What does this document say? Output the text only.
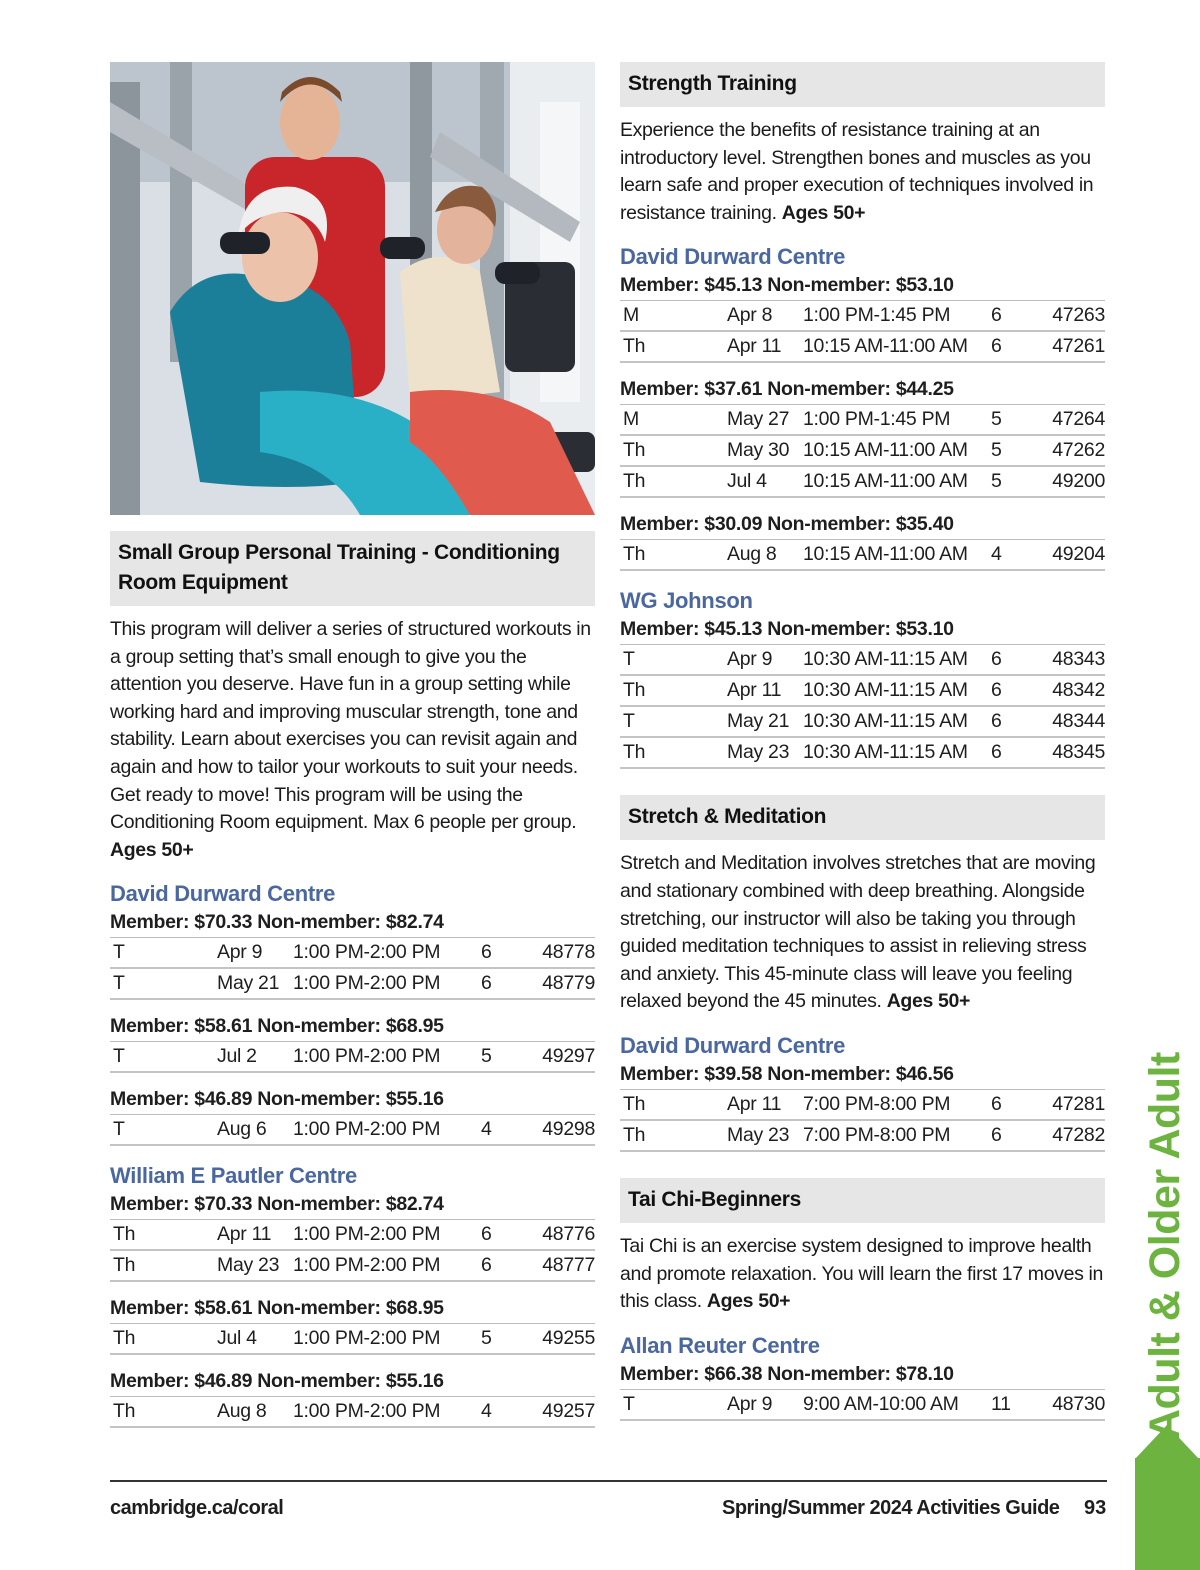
Small Group Personal Training - Conditioning Room Equipment

This program will deliver a series of structured workouts in a group setting that’s small enough to give you the attention you deserve. Have fun in a group setting while working hard and improving muscular strength, tone and stability. Learn about exercises you can revisit again and again and how to tailor your workouts to suit your needs. Get ready to move! This program will be using the Conditioning Room equipment. Max 6 people per group. Ages 50+

David Durward Centre
Member: $70.33 Non-member: $82.74
T	Apr 9	1:00 PM-2:00 PM	6	48778
T	May 21 1:00 PM-2:00 PM	6	48779
Member: $58.61 Non-member: $68.95
T	Jul 2	1:00 PM-2:00 PM	5	49297
Member: $46.89 Non-member: $55.16
T	Aug 6	1:00 PM-2:00 PM	4	49298
William E Pautler Centre
Member: $70.33 Non-member: $82.74
Th	Apr 11	1:00 PM-2:00 PM	6	48776
Th	May 23 1:00 PM-2:00 PM	6	48777
Member: $58.61 Non-member: $68.95
Th	Jul 4	1:00 PM-2:00 PM	5	49255
Member: $46.89 Non-member: $55.16
Th	Aug 8	1:00 PM-2:00 PM	4	49257
Strength Training

Experience the benefits of resistance training at an introductory level. Strengthen bones and muscles as you learn safe and proper execution of techniques involved in resistance training. Ages 50+

David Durward Centre
Member: $45.13 Non-member: $53.10
M	Apr 8	1:00 PM-1:45 PM	6	47263
Th	Apr 11	10:15 AM-11:00 AM	6	47261
Member: $37.61 Non-member: $44.25
M	May 27 1:00 PM-1:45 PM	5	47264
Th	May 30 10:15 AM-11:00 AM	5	47262
Th	Jul 4	10:15 AM-11:00 AM	5	49200
Member: $30.09 Non-member: $35.40
Th	Aug 8	10:15 AM-11:00 AM	4	49204
WG Johnson
Member: $45.13 Non-member: $53.10
T	Apr 9	10:30 AM-11:15 AM	6	48343
Th	Apr 11	10:30 AM-11:15 AM	6	48342
T	May 21 10:30 AM-11:15 AM	6	48344
Th	May 23 10:30 AM-11:15 AM	6	48345
Stretch & Meditation

Stretch and Meditation involves stretches that are moving and stationary combined with deep breathing. Alongside stretching, our instructor will also be taking you through guided meditation techniques to assist in relieving stress and anxiety. This 45-minute class will leave you feeling relaxed beyond the 45 minutes. Ages 50+

David Durward Centre
Member: $39.58 Non-member: $46.56
Th	Apr 11	7:00 PM-8:00 PM	6	47281
Th	May 23 7:00 PM-8:00 PM	6	47282
Tai Chi-Beginners

Tai Chi is an exercise system designed to improve health and promote relaxation. You will learn the first 17 moves in this class. Ages 50+

Allan Reuter Centre
Member: $66.38 Non-member: $78.10
T	Apr 9	9:00 AM-10:00 AM	11	48730 Adult & Older Adult
cambridge.ca/coral	Spring/Summer 2024 Activities Guide 93
